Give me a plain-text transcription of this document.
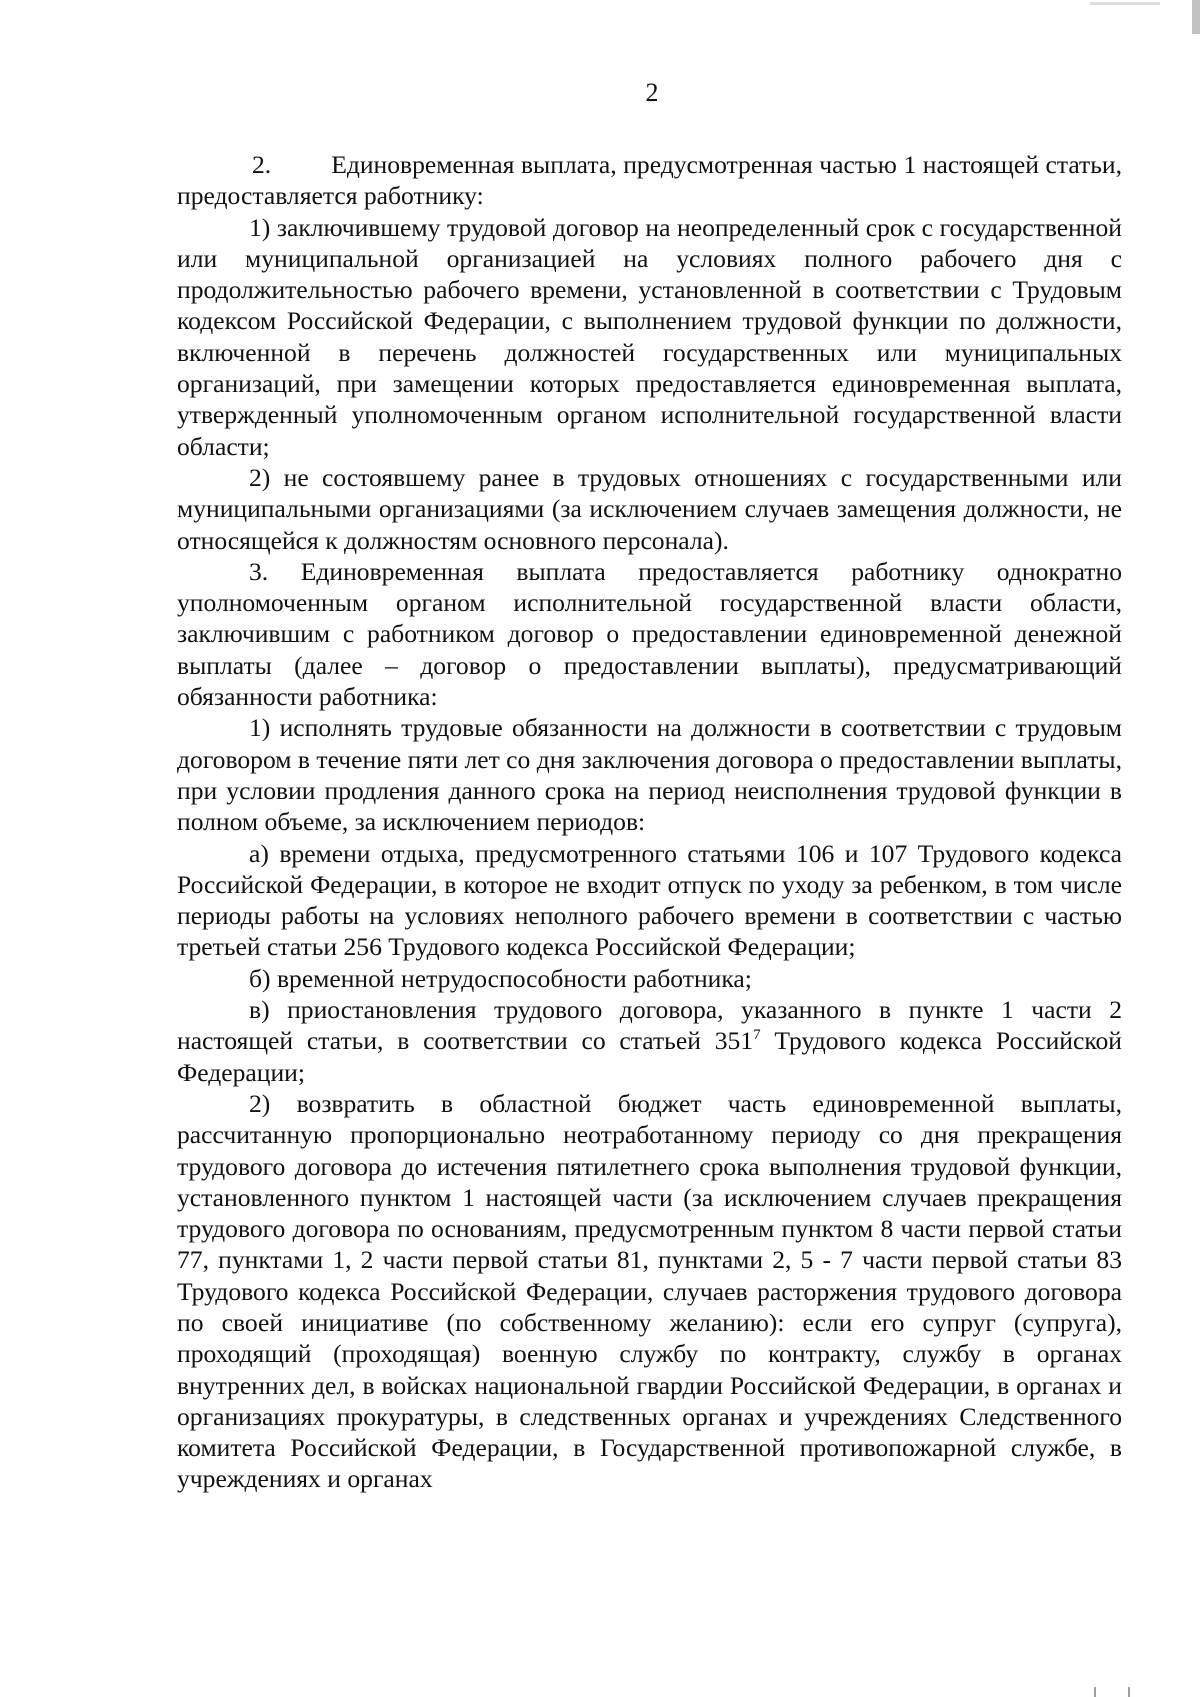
2

2. Единовременная выплата, предусмотренная частью 1 настоящей статьи, предоставляется работнику:

1) заключившему трудовой договор на неопределенный срок с государственной или муниципальной организацией на условиях полного рабочего дня с продолжительностью рабочего времени, установленной в соответствии с Трудовым кодексом Российской Федерации, с выполнением трудовой функции по должности, включенной в перечень должностей государственных или муниципальных организаций, при замещении которых предоставляется единовременная выплата, утвержденный уполномоченным органом исполнительной государственной власти области;

2) не состоявшему ранее в трудовых отношениях с государственными или муниципальными организациями (за исключением случаев замещения должности, не относящейся к должностям основного персонала).

3. Единовременная выплата предоставляется работнику однократно уполномоченным органом исполнительной государственной власти области, заключившим с работником договор о предоставлении единовременной денежной выплаты (далее – договор о предоставлении выплаты), предусматривающий обязанности работника:

1) исполнять трудовые обязанности на должности в соответствии с трудовым договором в течение пяти лет со дня заключения договора о предоставлении выплаты, при условии продления данного срока на период неисполнения трудовой функции в полном объеме, за исключением периодов:

а) времени отдыха, предусмотренного статьями 106 и 107 Трудового кодекса Российской Федерации, в которое не входит отпуск по уходу за ребенком, в том числе периоды работы на условиях неполного рабочего времени в соответствии с частью третьей статьи 256 Трудового кодекса Российской Федерации;

б) временной нетрудоспособности работника;

в) приостановления трудового договора, указанного в пункте 1 части 2 настоящей статьи, в соответствии со статьей $351^7$ Трудового кодекса Российской Федерации;

2) возвратить в областной бюджет часть единовременной выплаты, рассчитанную пропорционально неотработанному периоду со дня прекращения трудового договора до истечения пятилетнего срока выполнения трудовой функции, установленного пунктом 1 настоящей части (за исключением случаев прекращения трудового договора по основаниям, предусмотренным пунктом 8 части первой статьи 77, пунктами 1, 2 части первой статьи 81, пунктами 2, 5 - 7 части первой статьи 83 Трудового кодекса Российской Федерации, случаев расторжения трудового договора по своей инициативе (по собственному желанию): если его супруг (супруга), проходящий (проходящая) военную службу по контракту, службу в органах внутренних дел, в войсках национальной гвардии Российской Федерации, в органах и организациях прокуратуры, в следственных органах и учреждениях Следственного комитета Российской Федерации, в Государственной противопожарной службе, в учреждениях и органах
